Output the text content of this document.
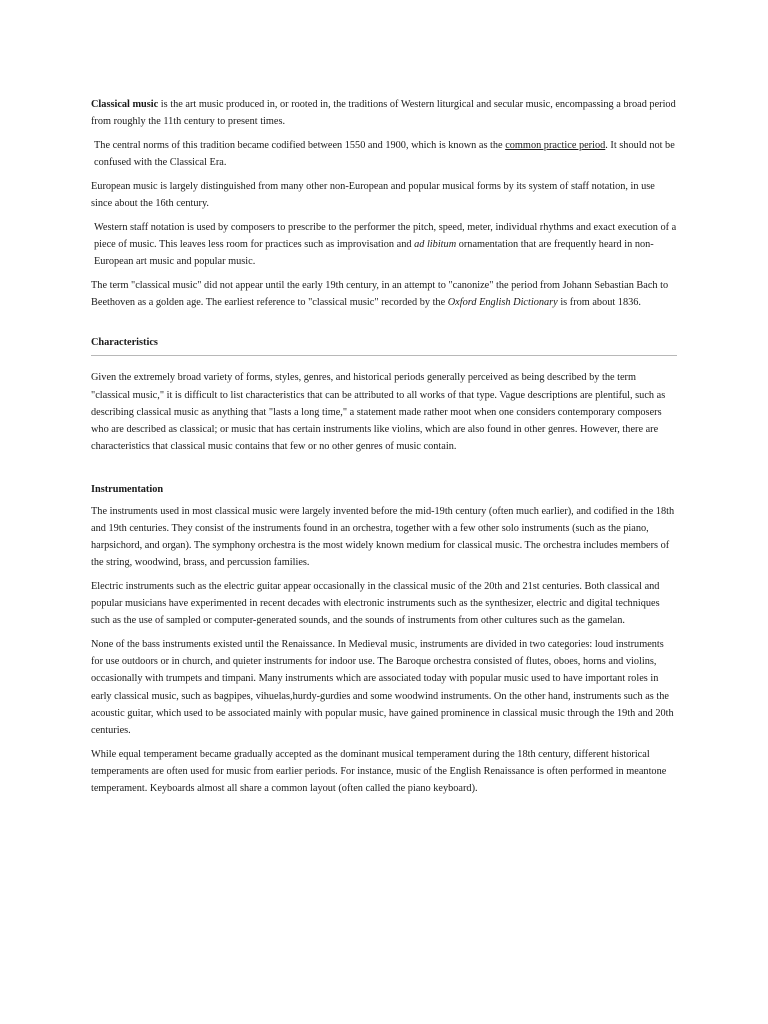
Classical music is the art music produced in, or rooted in, the traditions of Western liturgical and secular music, encompassing a broad period from roughly the 11th century to present times.

The central norms of this tradition became codified between 1550 and 1900, which is known as the common practice period. It should not be confused with the Classical Era.

European music is largely distinguished from many other non-European and popular musical forms by its system of staff notation, in use since about the 16th century.

Western staff notation is used by composers to prescribe to the performer the pitch, speed, meter, individual rhythms and exact execution of a piece of music. This leaves less room for practices such as improvisation and ad libitum ornamentation that are frequently heard in non-European art music and popular music.

The term "classical music" did not appear until the early 19th century, in an attempt to "canonize" the period from Johann Sebastian Bach to Beethoven as a golden age. The earliest reference to "classical music" recorded by the Oxford English Dictionary is from about 1836.

Characteristics

Given the extremely broad variety of forms, styles, genres, and historical periods generally perceived as being described by the term "classical music," it is difficult to list characteristics that can be attributed to all works of that type. Vague descriptions are plentiful, such as describing classical music as anything that "lasts a long time," a statement made rather moot when one considers contemporary composers who are described as classical; or music that has certain instruments like violins, which are also found in other genres. However, there are characteristics that classical music contains that few or no other genres of music contain.

Instrumentation

The instruments used in most classical music were largely invented before the mid-19th century (often much earlier), and codified in the 18th and 19th centuries. They consist of the instruments found in an orchestra, together with a few other solo instruments (such as the piano, harpsichord, and organ). The symphony orchestra is the most widely known medium for classical music. The orchestra includes members of the string, woodwind, brass, and percussion families.

Electric instruments such as the electric guitar appear occasionally in the classical music of the 20th and 21st centuries. Both classical and popular musicians have experimented in recent decades with electronic instruments such as the synthesizer, electric and digital techniques such as the use of sampled or computer-generated sounds, and the sounds of instruments from other cultures such as the gamelan.

None of the bass instruments existed until the Renaissance. In Medieval music, instruments are divided in two categories: loud instruments for use outdoors or in church, and quieter instruments for indoor use. The Baroque orchestra consisted of flutes, oboes, horns and violins, occasionally with trumpets and timpani. Many instruments which are associated today with popular music used to have important roles in early classical music, such as bagpipes, vihuelas,hurdy-gurdies and some woodwind instruments. On the other hand, instruments such as the acoustic guitar, which used to be associated mainly with popular music, have gained prominence in classical music through the 19th and 20th centuries.

While equal temperament became gradually accepted as the dominant musical temperament during the 18th century, different historical temperaments are often used for music from earlier periods. For instance, music of the English Renaissance is often performed in meantone temperament. Keyboards almost all share a common layout (often called the piano keyboard).
